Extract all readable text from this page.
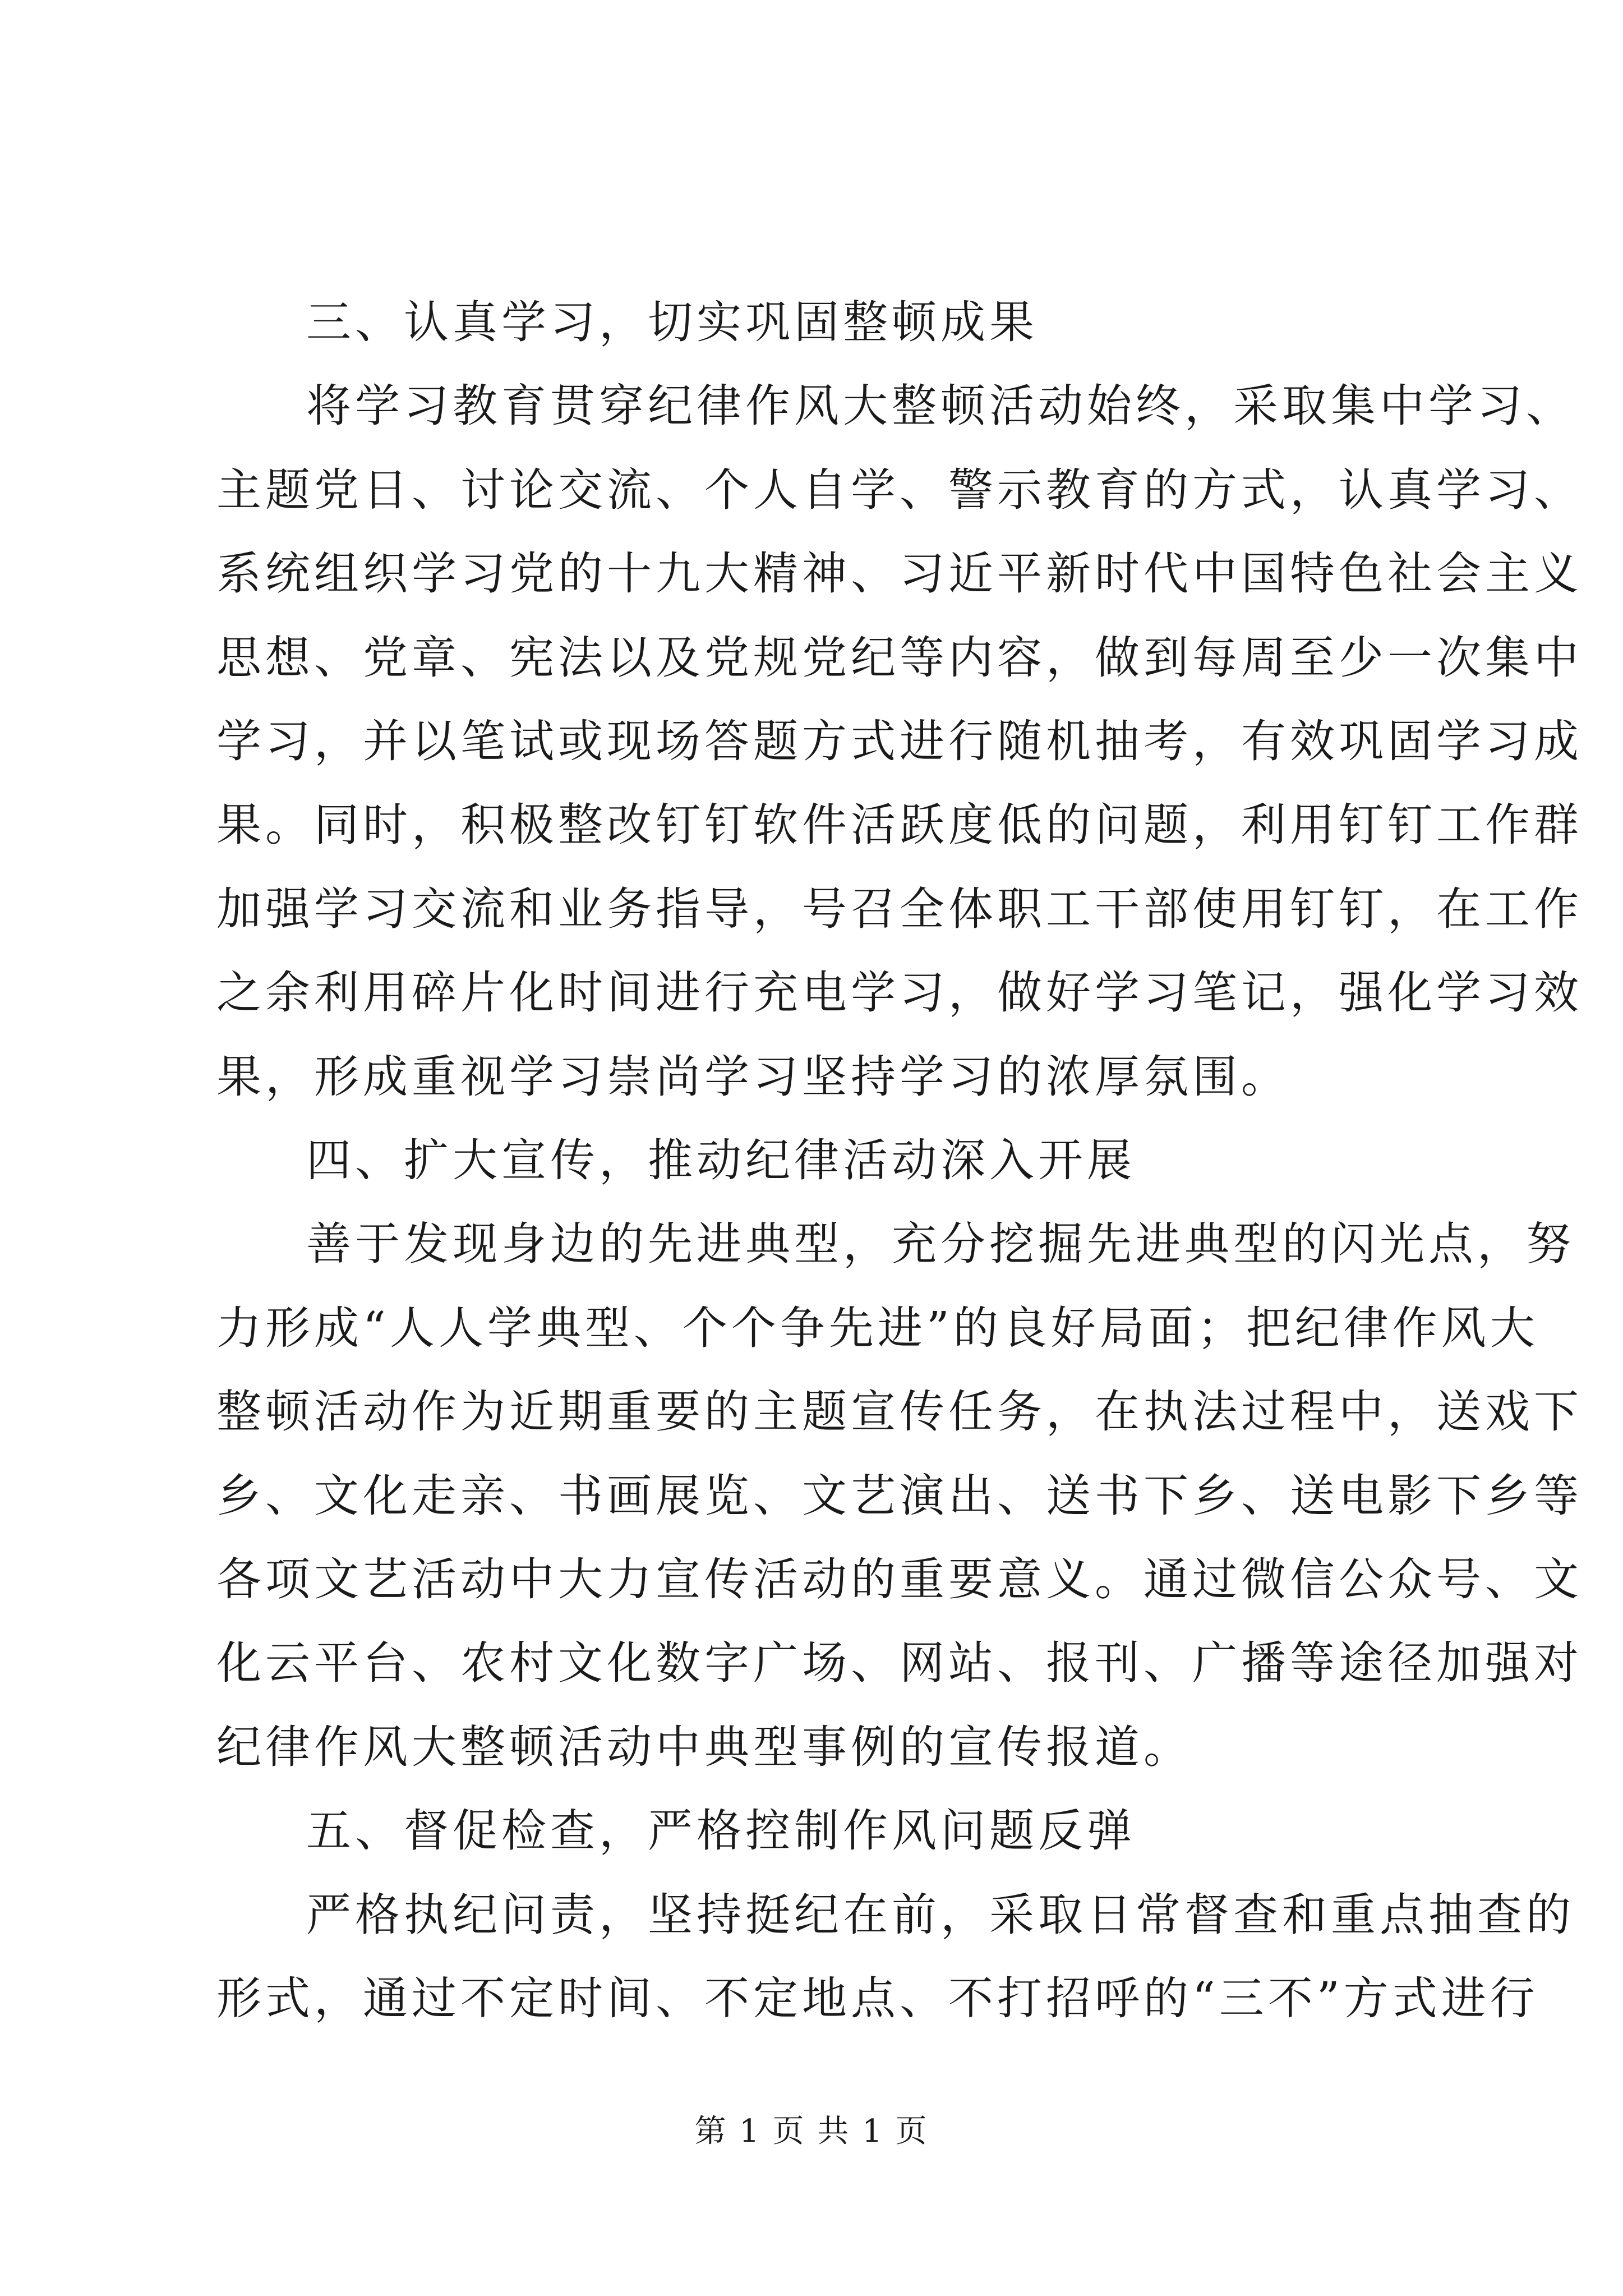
三、认真学习，切实巩固整顿成果
将学习教育贯穿纪律作风大整顿活动始终，采取集中学习、
主题党日、讨论交流、个人自学、警示教育的方式，认真学习、
系统组织学习党的十九大精神、习近平新时代中国特色社会主义
思想、党章、宪法以及党规党纪等内容，做到每周至少一次集中
学习，并以笔试或现场答题方式进行随机抽考，有效巩固学习成
果。同时，积极整改钉钉软件活跃度低的问题，利用钉钉工作群
加强学习交流和业务指导，号召全体职工干部使用钉钉，在工作
之余利用碎片化时间进行充电学习，做好学习笔记，强化学习效
果，形成重视学习崇尚学习坚持学习的浓厚氛围。
四、扩大宣传，推动纪律活动深入开展
善于发现身边的先进典型，充分挖掘先进典型的闪光点，努
力形成“人人学典型、个个争先进”的良好局面；把纪律作风大
整顿活动作为近期重要的主题宣传任务，在执法过程中，送戏下
乡、文化走亲、书画展览、文艺演出、送书下乡、送电影下乡等
各项文艺活动中大力宣传活动的重要意义。通过微信公众号、文
化云平台、农村文化数字广场、网站、报刊、广播等途径加强对
纪律作风大整顿活动中典型事例的宣传报道。
五、督促检查，严格控制作风问题反弹
严格执纪问责，坚持挺纪在前，采取日常督查和重点抽查的
形式，通过不定时间、不定地点、不打招呼的“三不”方式进行
第 1 页 共 1 页
